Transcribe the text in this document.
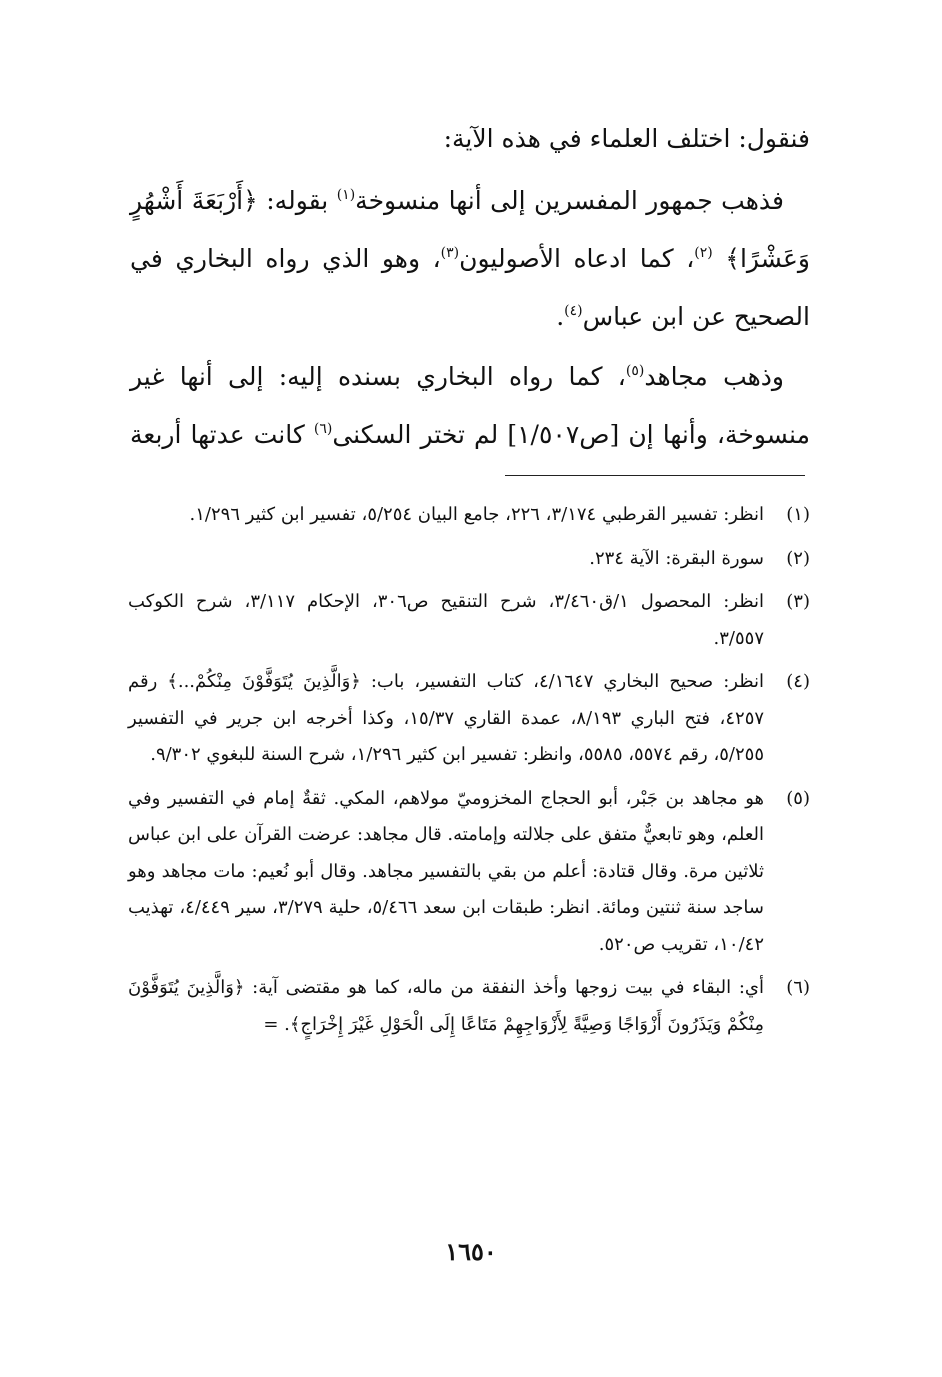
فنقول: اختلف العلماء في هذه الآية:

فذهب جمهور المفسرين إلى أنها منسوخة$^{(١)}$ بقوله: ﴿أَرْبَعَةَ أَشْهُرٍ وَعَشْرًا﴾ $^{(٢)}$، كما ادعاه الأصوليون$^{(٣)}$، وهو الذي رواه البخاري في الصحيح عن ابن عباس$^{(٤)}$.

وذهب مجاهد$^{(٥)}$، كما رواه البخاري بسنده إليه: إلى أنها غير منسوخة، وأنها إن [ص١/٥٠٧] لم تختر السكنى$^{(٦)}$ كانت عدتها أربعة

(١)
انظر: تفسير القرطبي ٣/١٧٤، ٢٢٦، جامع البيان ٥/٢٥٤، تفسير ابن كثير ١/٢٩٦.
(٢)
سورة البقرة: الآية ٢٣٤.
(٣)
انظر: المحصول ١/ق٣/٤٦٠، شرح التنقيح ص٣٠٦، الإحكام ٣/١١٧، شرح الكوكب ٣/٥٥٧.
(٤)
انظر: صحيح البخاري ٤/١٦٤٧، كتاب التفسير، باب: ﴿وَالَّذِينَ يُتَوَفَّوْنَ مِنْكُمْ...﴾ رقم ٤٢٥٧، فتح الباري ٨/١٩٣، عمدة القاري ١٥/٣٧، وكذا أخرجه ابن جرير في التفسير ٥/٢٥٥، رقم ٥٥٧٤، ٥٥٨٥، وانظر: تفسير ابن كثير ١/٢٩٦، شرح السنة للبغوي ٩/٣٠٢.
(٥)
هو مجاهد بن جَبْر، أبو الحجاج المخزوميّ مولاهم، المكي. ثقةٌ إمام في التفسير وفي العلم، وهو تابعيٌّ متفق على جلالته وإمامته. قال مجاهد: عرضت القرآن على ابن عباس ثلاثين مرة. وقال قتادة: أعلم من بقي بالتفسير مجاهد. وقال أبو نُعيم: مات مجاهد وهو ساجد سنة ثنتين ومائة. انظر: طبقات ابن سعد ٥/٤٦٦، حلية ٣/٢٧٩، سير ٤/٤٤٩، تهذيب ١٠/٤٢، تقريب ص٥٢٠.
(٦)
أي: البقاء في بيت زوجها وأخذ النفقة من ماله، كما هو مقتضى آية: ﴿وَالَّذِينَ يُتَوَفَّوْنَ مِنْكُمْ وَيَذَرُونَ أَزْوَاجًا وَصِيَّةً لِأَزْوَاجِهِمْ مَتَاعًا إِلَى الْحَوْلِ غَيْرَ إِخْرَاجٍ﴾. =
١٦٥٠
